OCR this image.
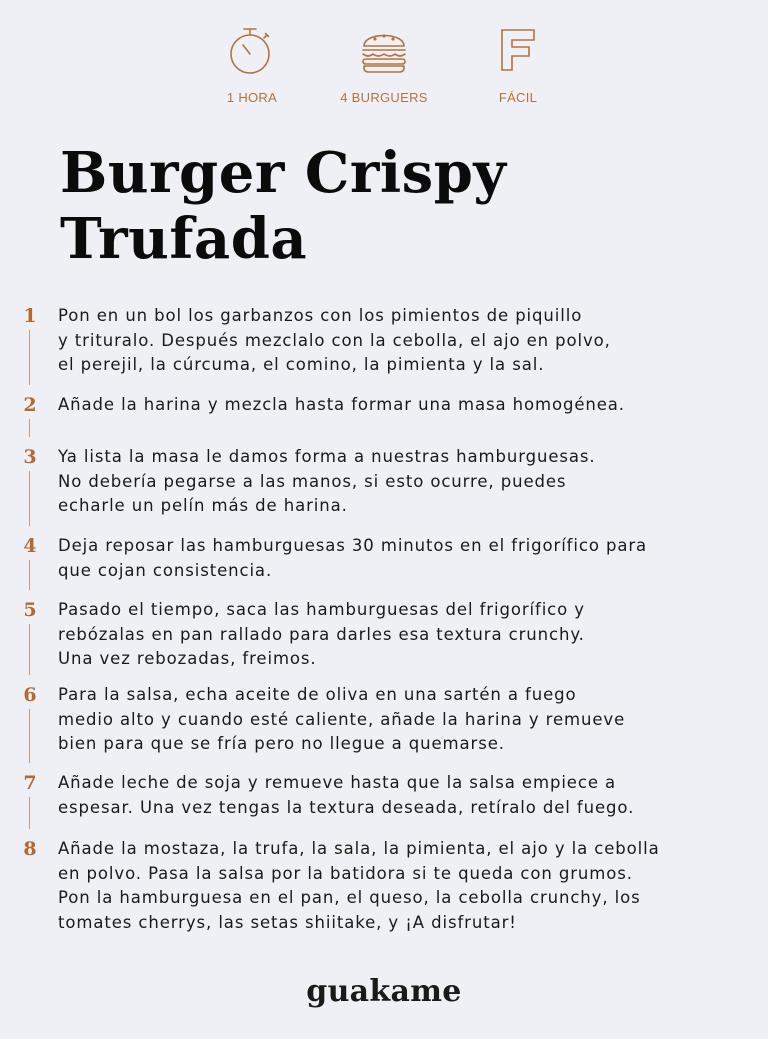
1 HORA	4 BURGUERS	FÁCIL
Burger Crispy
Trufada
1 Pon en un bol los garbanzos con los pimientos de piquillo
y trituralo. Después mezclalo con la cebolla, el ajo en polvo,
el perejil, la cúrcuma, el comino, la pimienta y la sal.

2 Añade la harina y mezcla hasta formar una masa homogénea.

3 Ya lista la masa le damos forma a nuestras hamburguesas.
No debería pegarse a las manos, si esto ocurre, puedes
echarle un pelín más de harina.

4 Deja reposar las hamburguesas 30 minutos en el frigorífico para
que cojan consistencia.

5 Pasado el tiempo, saca las hamburguesas del frigorífico y
rebózalas en pan rallado para darles esa textura crunchy.
Una vez rebozadas, freimos.

6 Para la salsa, echa aceite de oliva en una sartén a fuego
medio alto y cuando esté caliente, añade la harina y remueve
bien para que se fría pero no llegue a quemarse.

7 Añade leche de soja y remueve hasta que la salsa empiece a
espesar. Una vez tengas la textura deseada, retíralo del fuego.

8 Añade la mostaza, la trufa, la sala, la pimienta, el ajo y la cebolla
en polvo. Pasa la salsa por la batidora si te queda con grumos.
Pon la hamburguesa en el pan, el queso, la cebolla crunchy, los
tomates cherrys, las setas shiitake, y ¡A disfrutar!

guakame
